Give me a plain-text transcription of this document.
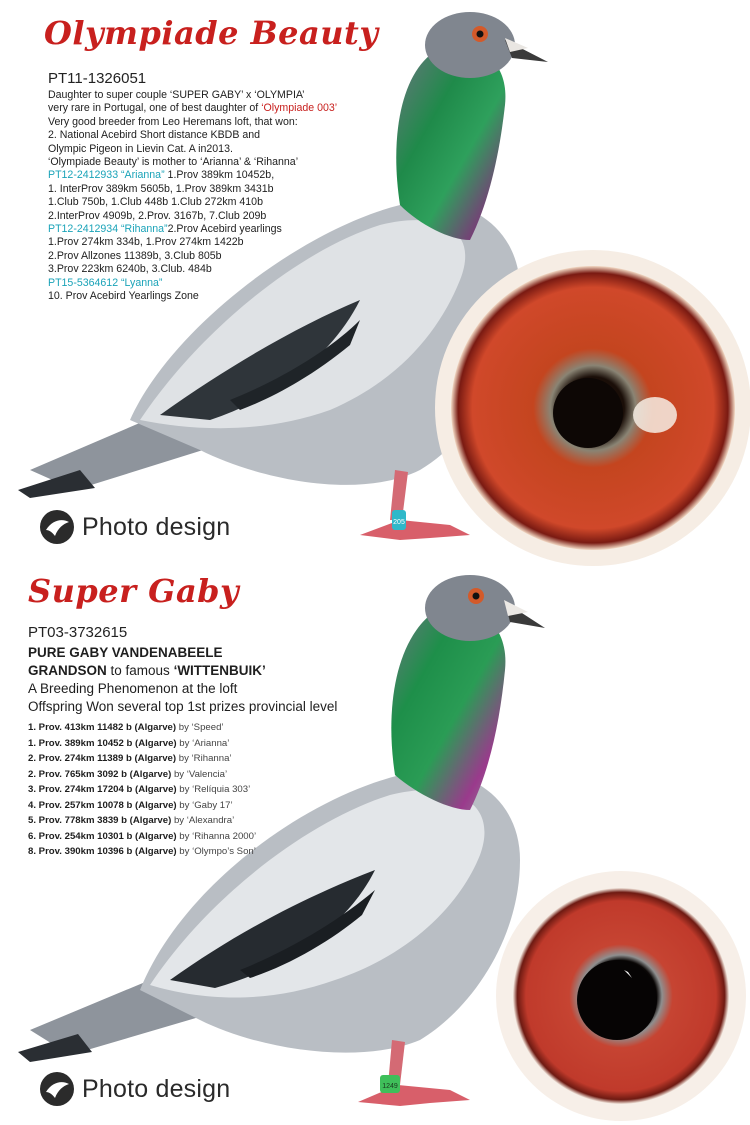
205
Olympiade Beauty
PT11-1326051
Daughter to super couple ‘SUPER GABY’ x ‘OLYMPIA’
very rare in Portugal, one of best daughter of ‘Olympiade 003’
Very good breeder from Leo Heremans loft, that won:
2. National Acebird Short distance KBDB and
Olympic Pigeon in Lievin Cat. A in2013.
‘Olympiade Beauty’ is mother to ‘Arianna’ & ‘Rihanna’
PT12-2412933 “Arianna” 1.Prov 389km 10452b,
1. InterProv 389km 5605b, 1.Prov 389km 3431b
1.Club 750b, 1.Club 448b 1.Club 272km 410b
2.InterProv 4909b, 2.Prov. 3167b, 7.Club 209b
PT12-2412934 “Rihanna”2.Prov Acebird yearlings
1.Prov 274km 334b, 1.Prov 274km 1422b
2.Prov Allzones 11389b, 3.Club 805b
3.Prov 223km 6240b, 3.Club. 484b
PT15-5364612 “Lyanna”
10. Prov Acebird Yearlings Zone
Photo design
1249
Super Gaby
PT03-3732615
PURE GABY VANDENABEELE
GRANDSON to famous ‘WITTENBUIK’
A Breeding Phenomenon at the loft
Offspring Won several top 1st prizes provincial level
1. Prov. 413km 11482 b (Algarve) by ‘Speed’
1. Prov. 389km 10452 b (Algarve) by ‘Arianna’
2. Prov. 274km 11389 b (Algarve) by ‘Rihanna’
2. Prov. 765km 3092 b (Algarve) by ‘Valencia’
3. Prov. 274km 17204 b (Algarve) by ‘Relíquia 303’
4. Prov. 257km 10078 b (Algarve) by ‘Gaby 17’
5. Prov. 778km 3839 b (Algarve) by ‘Alexandra’
6. Prov. 254km 10301 b (Algarve) by ‘Rihanna 2000’
8. Prov. 390km 10396 b (Algarve) by ‘Olympo’s Son’
Photo design
